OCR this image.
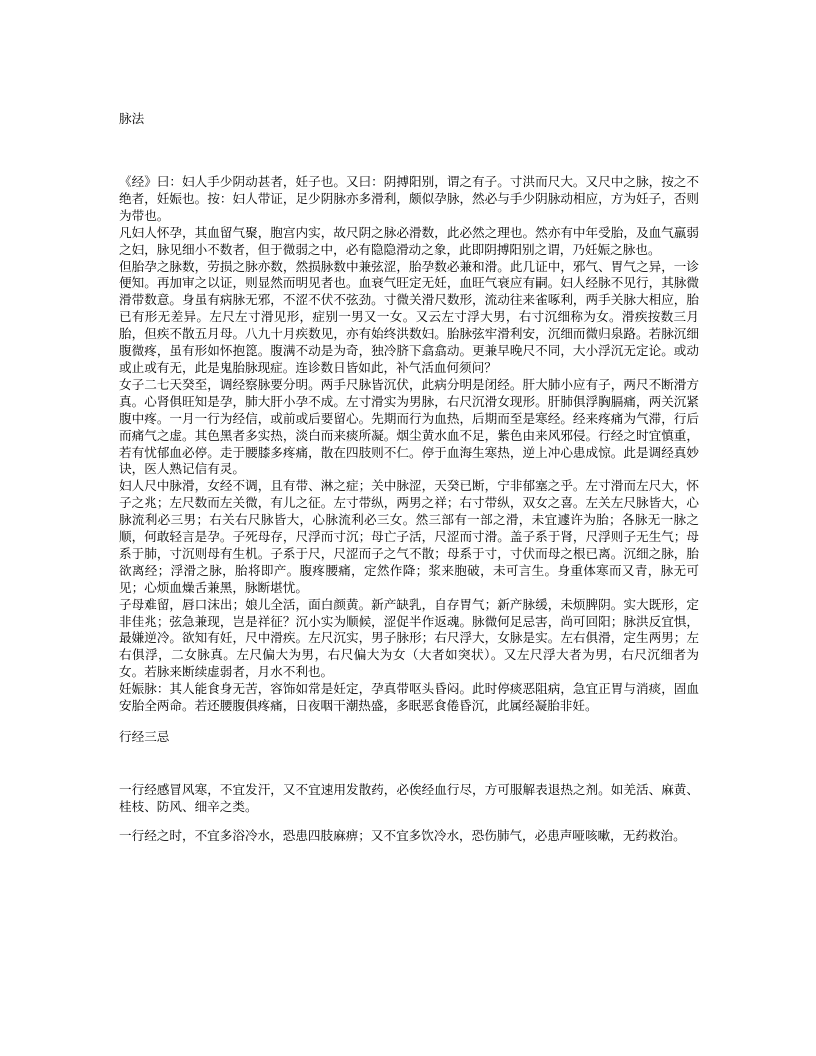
脉法

《经》曰：妇人手少阴动甚者，妊子也。又曰：阴搏阳别，谓之有子。寸洪而尺大。又尺中之脉，按之不绝者，妊娠也。按：妇人带证，足少阴脉亦多滑利，颇似孕脉，然必与手少阴脉动相应，方为妊子，否则为带也。

凡妇人怀孕，其血留气聚，胞宫内实，故尺阴之脉必滑数，此必然之理也。然亦有中年受胎，及血气羸弱之妇，脉见细小不数者，但于微弱之中，必有隐隐滑动之象，此即阴搏阳别之谓，乃妊娠之脉也。

但胎孕之脉数，劳损之脉亦数，然损脉数中兼弦涩，胎孕数必兼和滑。此几证中，邪气、胃气之异，一诊便知。再加审之以证，则显然而明见者也。血衰气旺定无妊，血旺气衰应有嗣。妇人经脉不见行，其脉微滑带数意。身虽有病脉无邪，不涩不伏不弦劲。寸微关滑尺数形，流动往来雀啄利，两手关脉大相应，胎已有形无差异。左尺左寸滑见形，症别一男又一女。又云左寸浮大男，右寸沉细称为女。滑疾按数三月胎，但疾不散五月母。八九十月疾数见，亦有始终洪数妇。胎脉弦牢滑利安，沉细而微归泉路。若脉沉细腹微疼，虽有形如怀抱箆。腹满不动是为奇，独冷脐下翕翕动。更兼早晚尺不同，大小浮沉无定论。或动或止或有无，此是鬼胎脉现症。连诊数日皆如此，补气活血何须问？

女子二七天癸至，调经察脉要分明。两手尺脉皆沉伏，此病分明是闭经。肝大肺小应有子，两尺不断滑方真。心肾俱旺知是孕，肺大肝小孕不成。左寸滑实为男脉，右尺沉滑女现形。肝肺俱浮胸膈痛，两关沉紧腹中疼。一月一行为经信，或前或后要留心。先期而行为血热，后期而至是寒经。经来疼痛为气滞，行后而痛气之虚。其色黑者多实热，淡白而来痰所凝。烟尘黄水血不足，紫色由来风邪侵。行经之时宜慎重，若有忧郁血必停。走于腰膝多疼痛，散在四肢则不仁。停于血海生寒热，逆上冲心患成惊。此是调经真妙诀，医人熟记信有灵。

妇人尺中脉滑，女经不调，且有带、淋之症；关中脉涩，天癸已断，宁非郁塞之乎。左寸滑而左尺大，怀子之兆；左尺数而左关微，有儿之征。左寸带纵，两男之祥；右寸带纵，双女之喜。左关左尺脉皆大，心脉流利必三男；右关右尺脉皆大，心脉流利必三女。然三部有一部之滑，未宜遽许为胎；各脉无一脉之顺，何敢轻言是孕。子死母存，尺浮而寸沉；母亡子活，尺涩而寸滑。盖子系于肾，尺浮则子无生气；母系于肺，寸沉则母有生机。子系于尺，尺涩而子之气不散；母系于寸，寸伏而母之根已离。沉细之脉，胎欲离经；浮滑之脉，胎将即产。腹疼腰痛，定然作降；浆来胞破，未可言生。身重体寒而又青，脉无可见；心烦血燥舌兼黑，脉断堪忧。

子母难留，唇口沫出；娘儿全活，面白颜黄。新产缺乳，自存胃气；新产脉缓，未烦脾阴。实大既形，定非佳兆；弦急兼现，岂是祥征？沉小实为顺候，涩促半作返魂。脉微何足忌害，尚可回阳；脉洪反宜惧，最嫌逆冷。欲知有妊，尺中滑疾。左尺沉实，男子脉形；右尺浮大，女脉是实。左右俱滑，定生两男；左右俱浮，二女脉真。左尺偏大为男，右尺偏大为女（大者如突状）。又左尺浮大者为男，右尺沉细者为女。若脉来断续虚弱者，月水不利也。

妊娠脉：其人能食身无苦，容饰如常是妊定，孕真带呕头昏闷。此时停痰恶阻病，急宜正胃与消痰，固血安胎全两命。若还腰腹俱疼痛，日夜咽干潮热盛，多眠恶食倦昏沉，此属经凝胎非妊。

行经三忌

一行经感冒风寒，不宜发汗，又不宜速用发散药，必俟经血行尽，方可服解表退热之剂。如羌活、麻黄、桂枝、防风、细辛之类。

一行经之时，不宜多浴冷水，恐患四肢麻痹；又不宜多饮冷水，恐伤肺气，必患声哑咳嗽，无药救治。
